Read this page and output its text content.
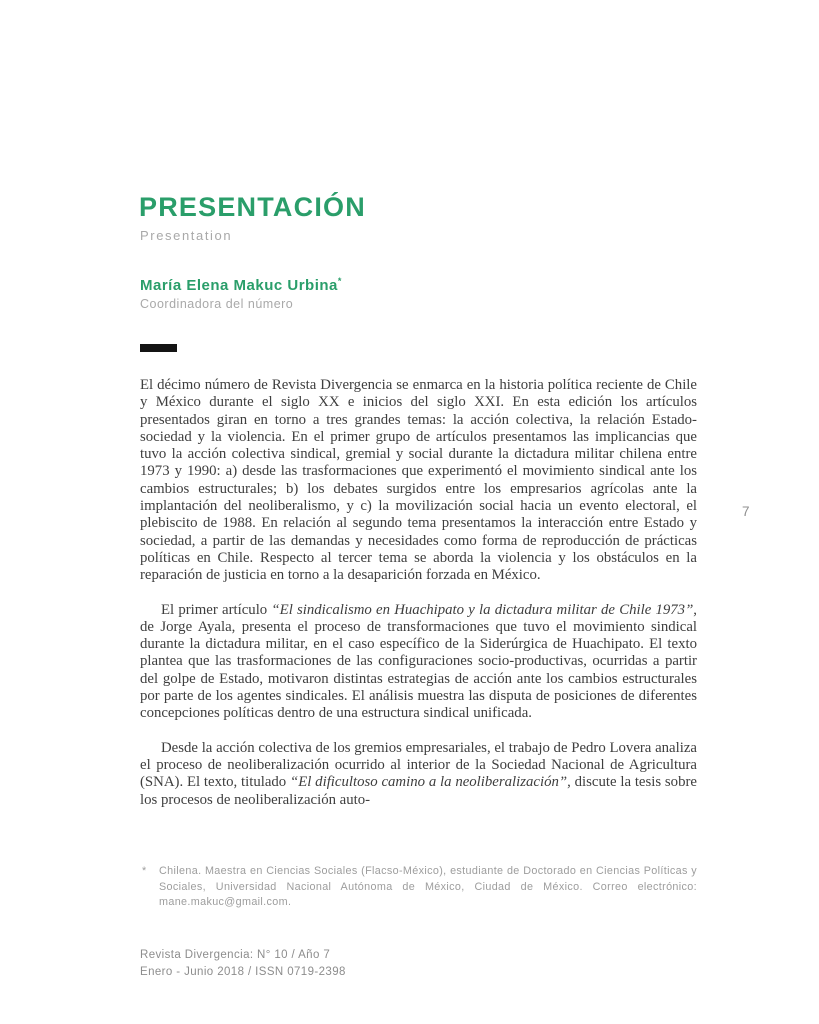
PRESENTACIÓN
Presentation
María Elena Makuc Urbina*
Coordinadora del número

El décimo número de Revista Divergencia se enmarca en la historia política reciente de Chile y México durante el siglo XX e inicios del siglo XXI. En esta edición los artículos presentados giran en torno a tres grandes temas: la acción colectiva, la relación Estado-sociedad y la violencia. En el primer grupo de artículos presentamos las implicancias que tuvo la acción colectiva sindical, gremial y social durante la dictadura militar chilena entre 1973 y 1990: a) desde las trasformaciones que experimentó el movimiento sindical ante los cambios estructurales; b) los debates surgidos entre los empresarios agrícolas ante la implantación del neoliberalismo, y c) la movilización social hacia un evento electoral, el plebiscito de 1988. En relación al segundo tema presentamos la interacción entre Estado y sociedad, a partir de las demandas y necesidades como forma de reproducción de prácticas políticas en Chile. Respecto al tercer tema se aborda la violencia y los obstáculos en la reparación de justicia en torno a la desaparición forzada en México.

El primer artículo “El sindicalismo en Huachipato y la dictadura militar de Chile 1973”, de Jorge Ayala, presenta el proceso de transformaciones que tuvo el movimiento sindical durante la dictadura militar, en el caso específico de la Siderúrgica de Huachipato. El texto plantea que las trasformaciones de las configuraciones socio-productivas, ocurridas a partir del golpe de Estado, motivaron distintas estrategias de acción ante los cambios estructurales por parte de los agentes sindicales. El análisis muestra las disputa de posiciones de diferentes concepciones políticas dentro de una estructura sindical unificada.

Desde la acción colectiva de los gremios empresariales, el trabajo de Pedro Lovera analiza el proceso de neoliberalización ocurrido al interior de la Sociedad Nacional de Agricultura (SNA). El texto, titulado “El dificultoso camino a la neoliberalización”, discute la tesis sobre los procesos de neoliberalización auto-

7
* Chilena. Maestra en Ciencias Sociales (Flacso-México), estudiante de Doctorado en Ciencias Políticas y Sociales, Universidad Nacional Autónoma de México, Ciudad de México. Correo electrónico: mane.makuc@gmail.com.
Revista Divergencia: N° 10 / Año 7
Enero - Junio 2018 / ISSN 0719-2398
